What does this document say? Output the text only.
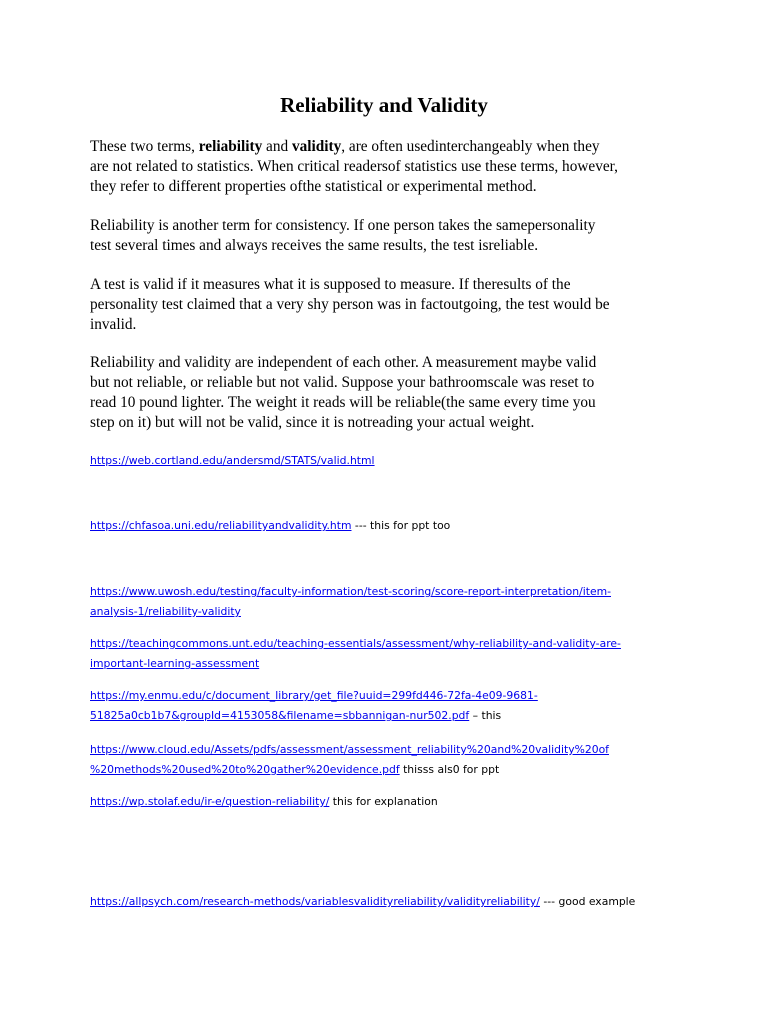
Reliability and Validity

These two terms, reliability and validity, are often usedinterchangeably when they
are not related to statistics. When critical readersof statistics use these terms, however,
they refer to different properties ofthe statistical or experimental method.

Reliability is another term for consistency. If one person takes the samepersonality
test several times and always receives the same results, the test isreliable.

A test is valid if it measures what it is supposed to measure. If theresults of the
personality test claimed that a very shy person was in factoutgoing, the test would be
invalid.

Reliability and validity are independent of each other. A measurement maybe valid
but not reliable, or reliable but not valid. Suppose your bathroomscale was reset to
read 10 pound lighter. The weight it reads will be reliable(the same every time you
step on it) but will not be valid, since it is notreading your actual weight.

https://web.cortland.edu/andersmd/STATS/valid.html
https://chfasoa.uni.edu/reliabilityandvalidity.htm --- this for ppt too
https://www.uwosh.edu/testing/faculty-information/test-scoring/score-report-interpretation/item-
analysis-1/reliability-validity
https://teachingcommons.unt.edu/teaching-essentials/assessment/why-reliability-and-validity-are-
important-learning-assessment
https://my.enmu.edu/c/document_library/get_file?uuid=299fd446-72fa-4e09-9681-
51825a0cb1b7&groupId=4153058&filename=sbbannigan-nur502.pdf – this
https://www.cloud.edu/Assets/pdfs/assessment/assessment_reliability%20and%20validity%20of
%20methods%20used%20to%20gather%20evidence.pdf thisss als0 for ppt
https://wp.stolaf.edu/ir-e/question-reliability/ this for explanation
https://allpsych.com/research-methods/variablesvalidityreliability/validityreliability/ --- good example
